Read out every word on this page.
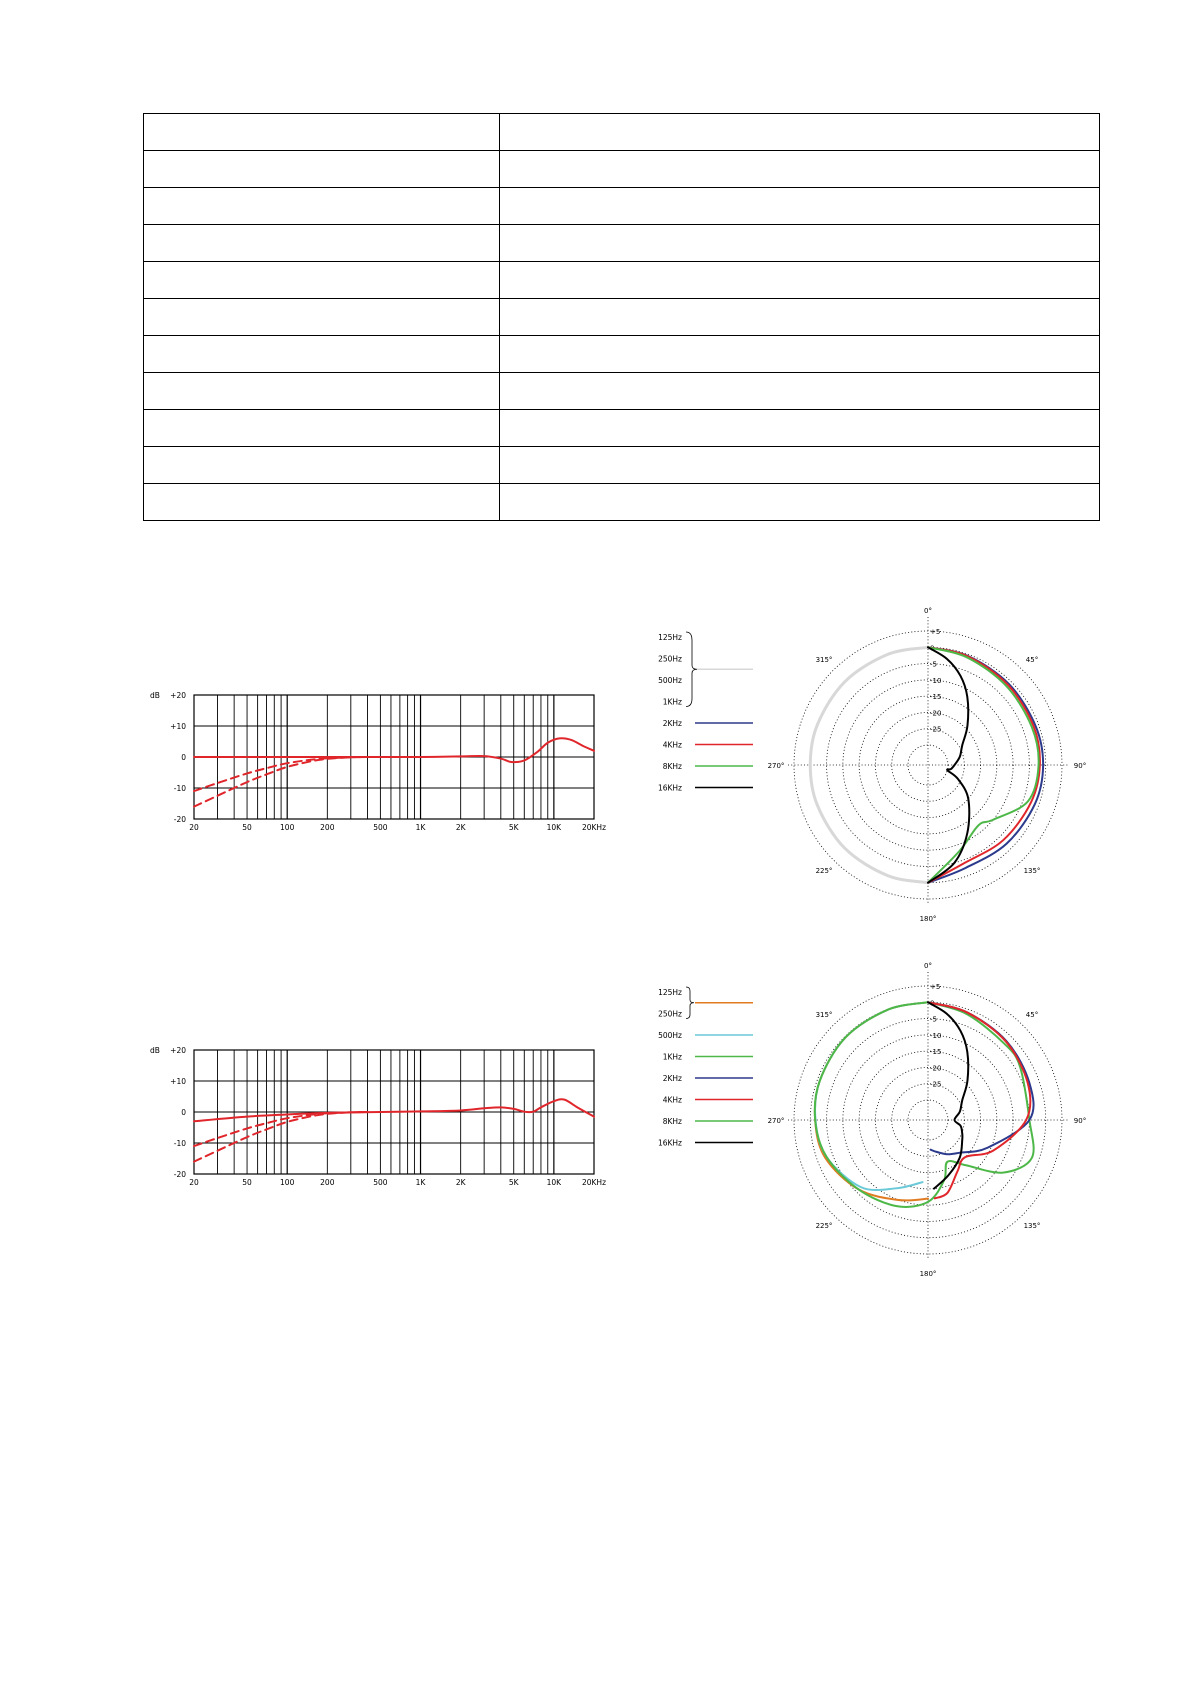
dB +20
+10
0
-10
-20
20	50	100	200	500	1K	2K	5K	10K	20KHz
125Hz
250Hz
500Hz
1KHz
2KHz
4KHz
8KHz
16KHz
+5
0
-5
-10
-15
-20
-25
0°
45°
90°
135°
180°
225°
270°
315°
dB +20
+10
0
-10
-20
20	50	100	200	500	1K	2K	5K	10K	20KHz
125Hz
250Hz
500Hz
1KHz
2KHz
4KHz
8KHz
16KHz
+5
0
-5
-10
-15
-20
-25
0°
45°
90°
135°
180°
225°
270°
315°
